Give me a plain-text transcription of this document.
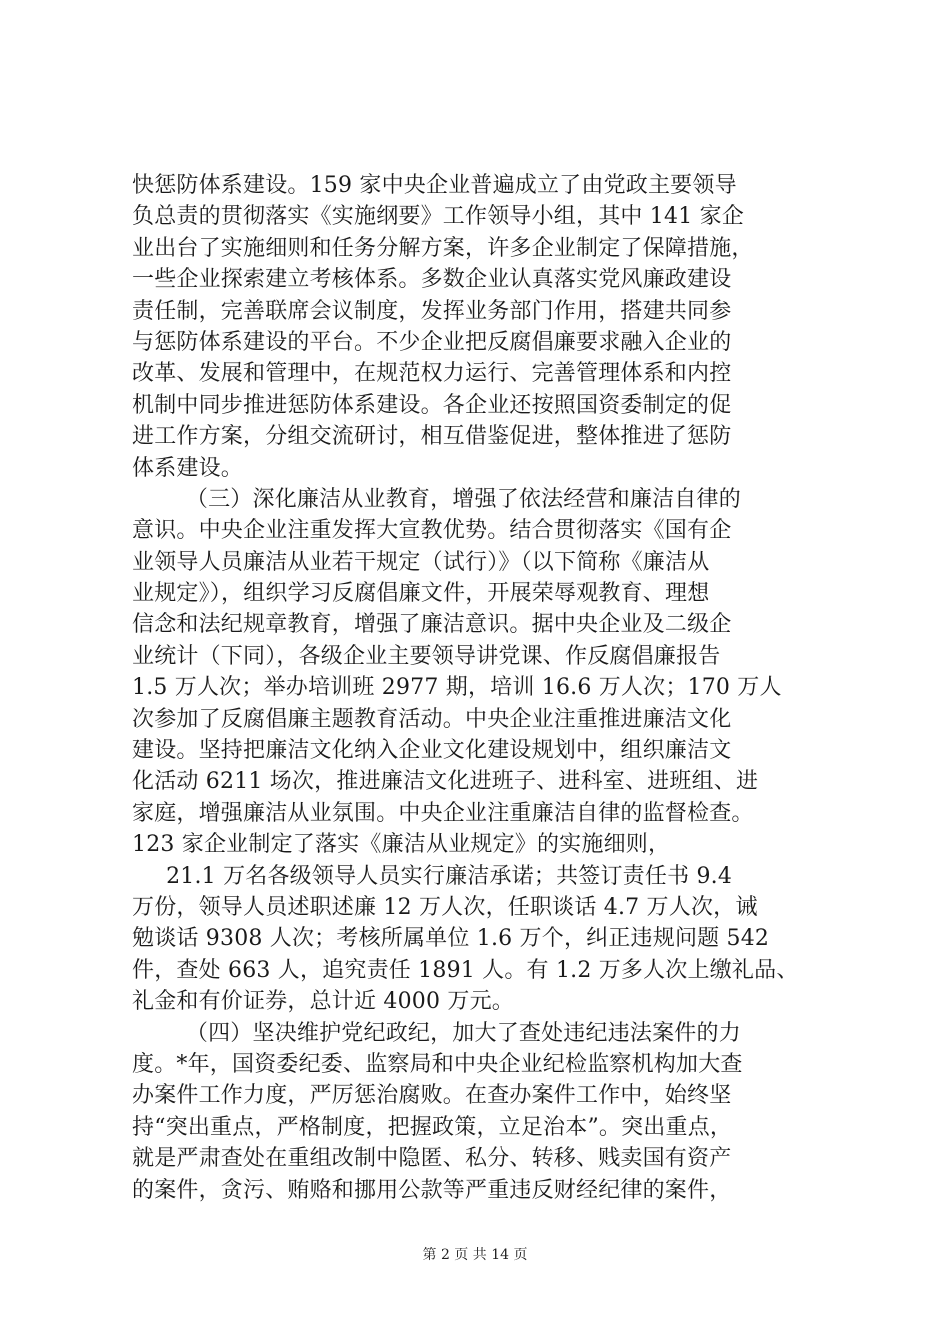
快惩防体系建设。159 家中央企业普遍成立了由党政主要领导
负总责的贯彻落实《实施纲要》工作领导小组，其中 141 家企
业出台了实施细则和任务分解方案，许多企业制定了保障措施，
一些企业探索建立考核体系。多数企业认真落实党风廉政建设
责任制，完善联席会议制度，发挥业务部门作用，搭建共同参
与惩防体系建设的平台。不少企业把反腐倡廉要求融入企业的
改革、发展和管理中，在规范权力运行、完善管理体系和内控
机制中同步推进惩防体系建设。各企业还按照国资委制定的促
进工作方案，分组交流研讨，相互借鉴促进，整体推进了惩防
体系建设。
（三）深化廉洁从业教育，增强了依法经营和廉洁自律的
意识。中央企业注重发挥大宣教优势。结合贯彻落实《国有企
业领导人员廉洁从业若干规定（试行）》（以下简称《廉洁从
业规定》），组织学习反腐倡廉文件，开展荣辱观教育、理想
信念和法纪规章教育，增强了廉洁意识。据中央企业及二级企
业统计（下同），各级企业主要领导讲党课、作反腐倡廉报告
1.5 万人次；举办培训班 2977 期，培训 16.6 万人次；170 万人
次参加了反腐倡廉主题教育活动。中央企业注重推进廉洁文化
建设。坚持把廉洁文化纳入企业文化建设规划中，组织廉洁文
化活动 6211 场次，推进廉洁文化进班子、进科室、进班组、进
家庭，增强廉洁从业氛围。中央企业注重廉洁自律的监督检查。
123 家企业制定了落实《廉洁从业规定》的实施细则，
21.1 万名各级领导人员实行廉洁承诺；共签订责任书 9.4
万份，领导人员述职述廉 12 万人次，任职谈话 4.7 万人次，诫
勉谈话 9308 人次；考核所属单位 1.6 万个，纠正违规问题 542
件，查处 663 人，追究责任 1891 人。有 1.2 万多人次上缴礼品、
礼金和有价证券，总计近 4000 万元。
（四）坚决维护党纪政纪，加大了查处违纪违法案件的力
度。*年，国资委纪委、监察局和中央企业纪检监察机构加大查
办案件工作力度，严厉惩治腐败。在查办案件工作中，始终坚
持“突出重点，严格制度，把握政策，立足治本”。突出重点，
就是严肃查处在重组改制中隐匿、私分、转移、贱卖国有资产
的案件，贪污、贿赂和挪用公款等严重违反财经纪律的案件，
第 2 页 共 14 页
